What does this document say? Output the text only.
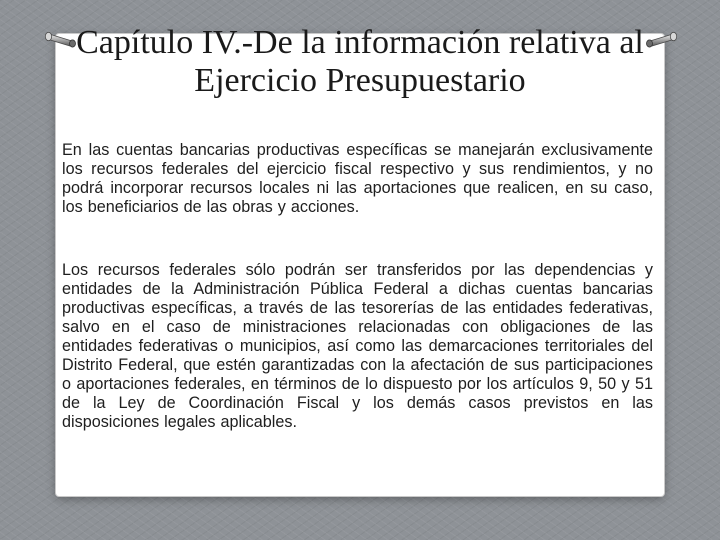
Capítulo IV.-De la información relativa al Ejercicio Presupuestario

En las cuentas bancarias productivas específicas se manejarán exclusivamente los recursos federales del ejercicio fiscal respectivo y sus rendimientos, y no podrá incorporar recursos locales ni las aportaciones que realicen, en su caso, los beneficiarios de las obras y acciones.

Los recursos federales sólo podrán ser transferidos por las dependencias y entidades de la Administración Pública Federal a dichas cuentas bancarias productivas específicas, a través de las tesorerías de las entidades federativas, salvo en el caso de ministraciones relacionadas con obligaciones de las entidades federativas o municipios, así como las demarcaciones territoriales del Distrito Federal, que estén garantizadas con la afectación de sus participaciones o aportaciones federales, en términos de lo dispuesto por los artículos 9, 50 y 51 de la Ley de Coordinación Fiscal y los demás casos previstos en las disposiciones legales aplicables.
